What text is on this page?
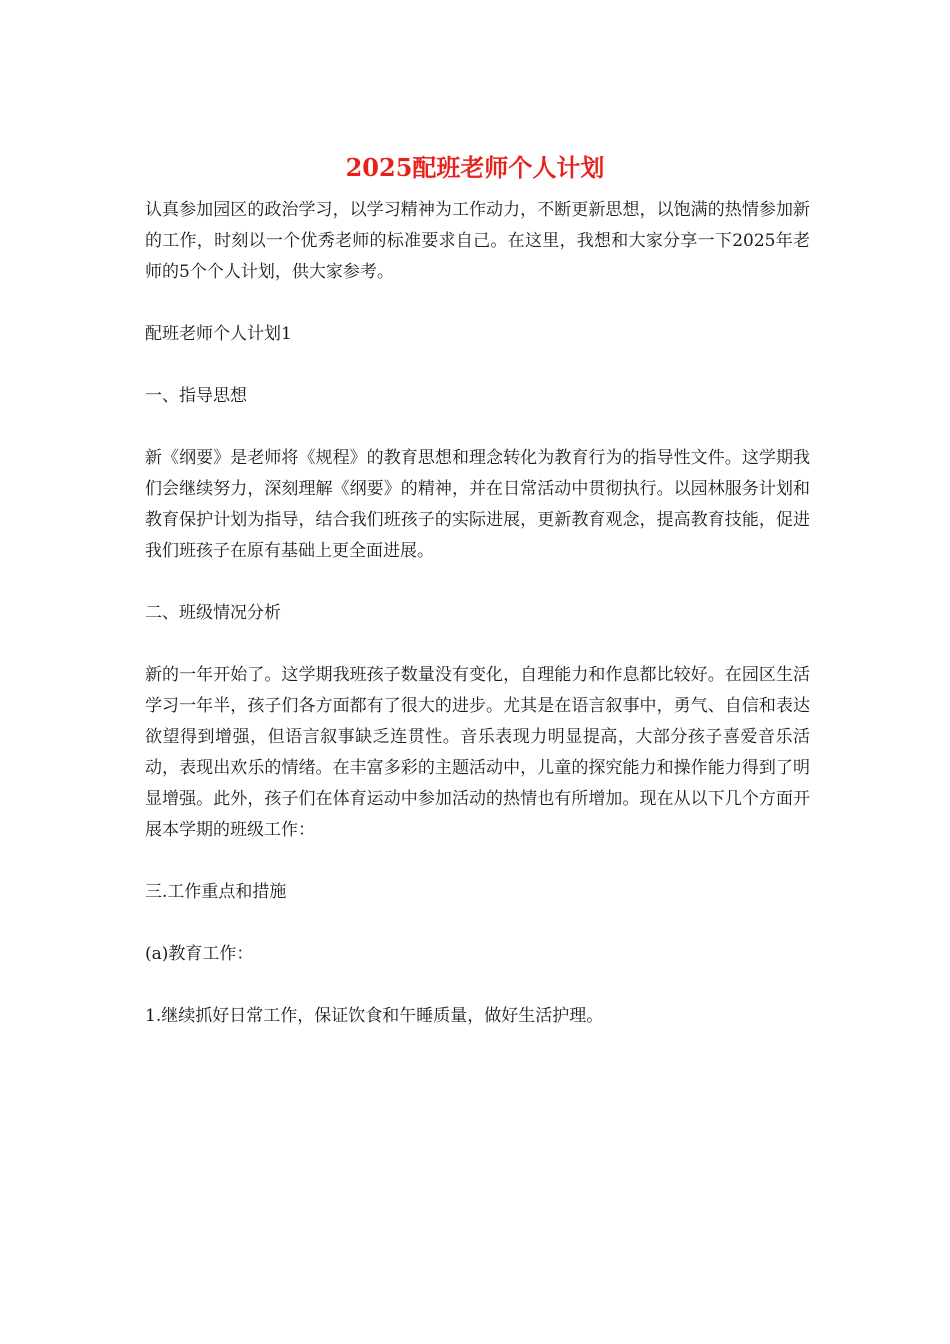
2025配班老师个人计划

认真参加园区的政治学习，以学习精神为工作动力，不断更新思想，以饱满的热情参加新的工作，时刻以一个优秀老师的标准要求自己。在这里，我想和大家分享一下2025年老师的5个个人计划，供大家参考。

配班老师个人计划1

一、指导思想

新《纲要》是老师将《规程》的教育思想和理念转化为教育行为的指导性文件。这学期我们会继续努力，深刻理解《纲要》的精神，并在日常活动中贯彻执行。以园林服务计划和教育保护计划为指导，结合我们班孩子的实际进展，更新教育观念，提高教育技能，促进我们班孩子在原有基础上更全面进展。

二、班级情况分析

新的一年开始了。这学期我班孩子数量没有变化，自理能力和作息都比较好。在园区生活学习一年半，孩子们各方面都有了很大的进步。尤其是在语言叙事中，勇气、自信和表达欲望得到增强，但语言叙事缺乏连贯性。音乐表现力明显提高，大部分孩子喜爱音乐活动，表现出欢乐的情绪。在丰富多彩的主题活动中，儿童的探究能力和操作能力得到了明显增强。此外，孩子们在体育运动中参加活动的热情也有所增加。现在从以下几个方面开展本学期的班级工作：

三.工作重点和措施

(a)教育工作：

1.继续抓好日常工作，保证饮食和午睡质量，做好生活护理。
